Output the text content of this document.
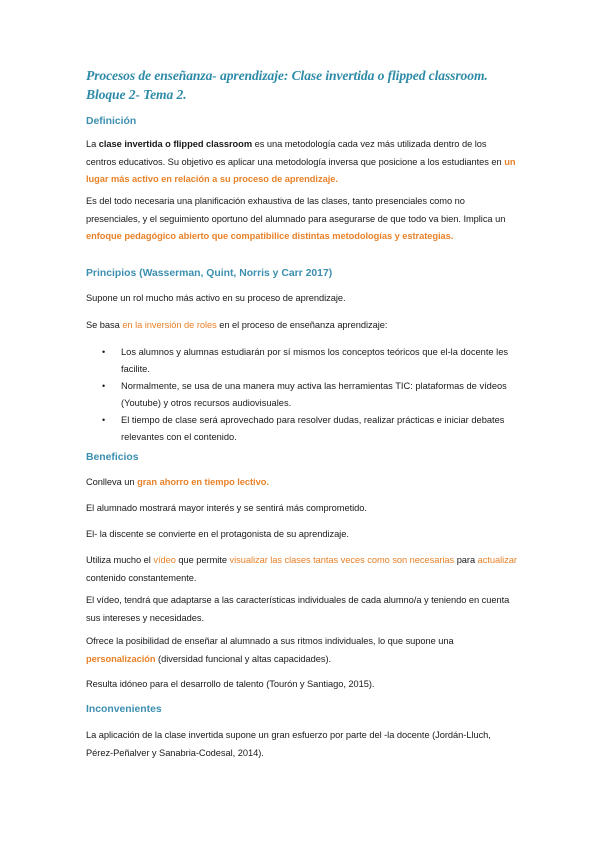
Procesos de enseñanza- aprendizaje: Clase invertida o flipped classroom. Bloque 2- Tema 2.
Definición

La clase invertida o flipped classroom es una metodología cada vez más utilizada dentro de los centros educativos. Su objetivo es aplicar una metodología inversa que posicione a los estudiantes en un lugar más activo en relación a su proceso de aprendizaje.

Es del todo necesaria una planificación exhaustiva de las clases, tanto presenciales como no presenciales, y el seguimiento oportuno del alumnado para asegurarse de que todo va bien. Implica un enfoque pedagógico abierto que compatibilice distintas metodologías y estrategias.

Principios (Wasserman, Quint, Norris y Carr 2017)

Supone un rol mucho más activo en su proceso de aprendizaje.

Se basa en la inversión de roles en el proceso de enseñanza aprendizaje:

• Los alumnos y alumnas estudiarán por sí mismos los conceptos teóricos que el-la docente les facilite.
• Normalmente, se usa de una manera muy activa las herramientas TIC: plataformas de vídeos (Youtube) y otros recursos audiovisuales.
• El tiempo de clase será aprovechado para resolver dudas, realizar prácticas e iniciar debates relevantes con el contenido.
Beneficios

Conlleva un gran ahorro en tiempo lectivo.

El alumnado mostrará mayor interés y se sentirá más comprometido.

El- la discente se convierte en el protagonista de su aprendizaje.

Utiliza mucho el vídeo que permite visualizar las clases tantas veces como son necesarias para actualizar contenido constantemente.

El vídeo, tendrá que adaptarse a las características individuales de cada alumno/a y teniendo en cuenta sus intereses y necesidades.

Ofrece la posibilidad de enseñar al alumnado a sus ritmos individuales, lo que supone una personalización (diversidad funcional y altas capacidades).

Resulta idóneo para el desarrollo de talento (Tourón y Santiago, 2015).

Inconvenientes

La aplicación de la clase invertida supone un gran esfuerzo por parte del -la docente (Jordán-Lluch, Pérez-Peñalver y Sanabria-Codesal, 2014).
